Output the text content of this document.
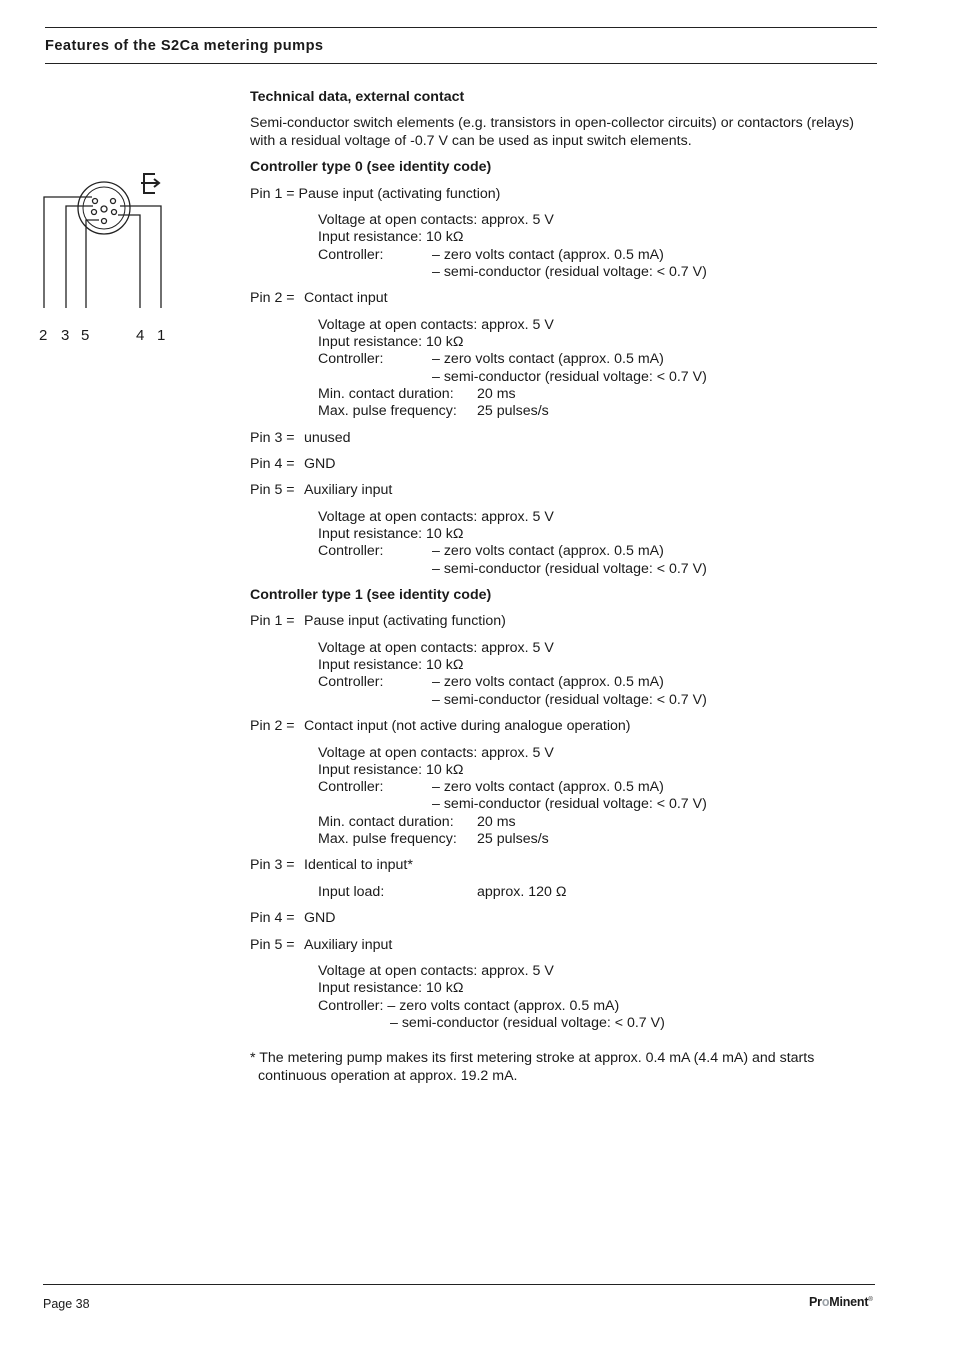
Features of the S2Ca metering pumps
2 3 5	4 1
Technical data, external contact
Semi-conductor switch elements (e.g. transistors in open-collector circuits) or contactors (relays)
with a residual voltage of -0.7 V can be used as input switch elements.
Controller type 0 (see identity code)
Pin 1 = Pause input (activating function)
Voltage at open contacts: approx. 5 V
Input resistance: 10 kΩ
Controller:	– zero volts contact (approx. 0.5 mA)
– semi-conductor (residual voltage: < 0.7 V)
Pin 2 = Contact input
Voltage at open contacts: approx. 5 V
Input resistance: 10 kΩ
Controller:	– zero volts contact (approx. 0.5 mA)
– semi-conductor (residual voltage: < 0.7 V)
Min. contact duration: 20 ms
Max. pulse frequency: 25 pulses/s
Pin 3 = unused
Pin 4 = GND
Pin 5 = Auxiliary input
Voltage at open contacts: approx. 5 V
Input resistance: 10 kΩ
Controller:	– zero volts contact (approx. 0.5 mA)
– semi-conductor (residual voltage: < 0.7 V)
Controller type 1 (see identity code)
Pin 1 = Pause input (activating function)
Voltage at open contacts: approx. 5 V
Input resistance: 10 kΩ
Controller:	– zero volts contact (approx. 0.5 mA)
– semi-conductor (residual voltage: < 0.7 V)
Pin 2 = Contact input (not active during analogue operation)
Voltage at open contacts: approx. 5 V
Input resistance: 10 kΩ
Controller:	– zero volts contact (approx. 0.5 mA)
– semi-conductor (residual voltage: < 0.7 V)
Min. contact duration: 20 ms
Max. pulse frequency: 25 pulses/s
Pin 3 = Identical to input*
Input load:	approx. 120 Ω
Pin 4 = GND
Pin 5 = Auxiliary input
Voltage at open contacts: approx. 5 V
Input resistance: 10 kΩ
Controller: – zero volts contact (approx. 0.5 mA)
– semi-conductor (residual voltage: < 0.7 V)
* The metering pump makes its first metering stroke at approx. 0.4 mA (4.4 mA) and starts
continuous operation at approx. 19.2 mA.
Page 38	ProMinent®
